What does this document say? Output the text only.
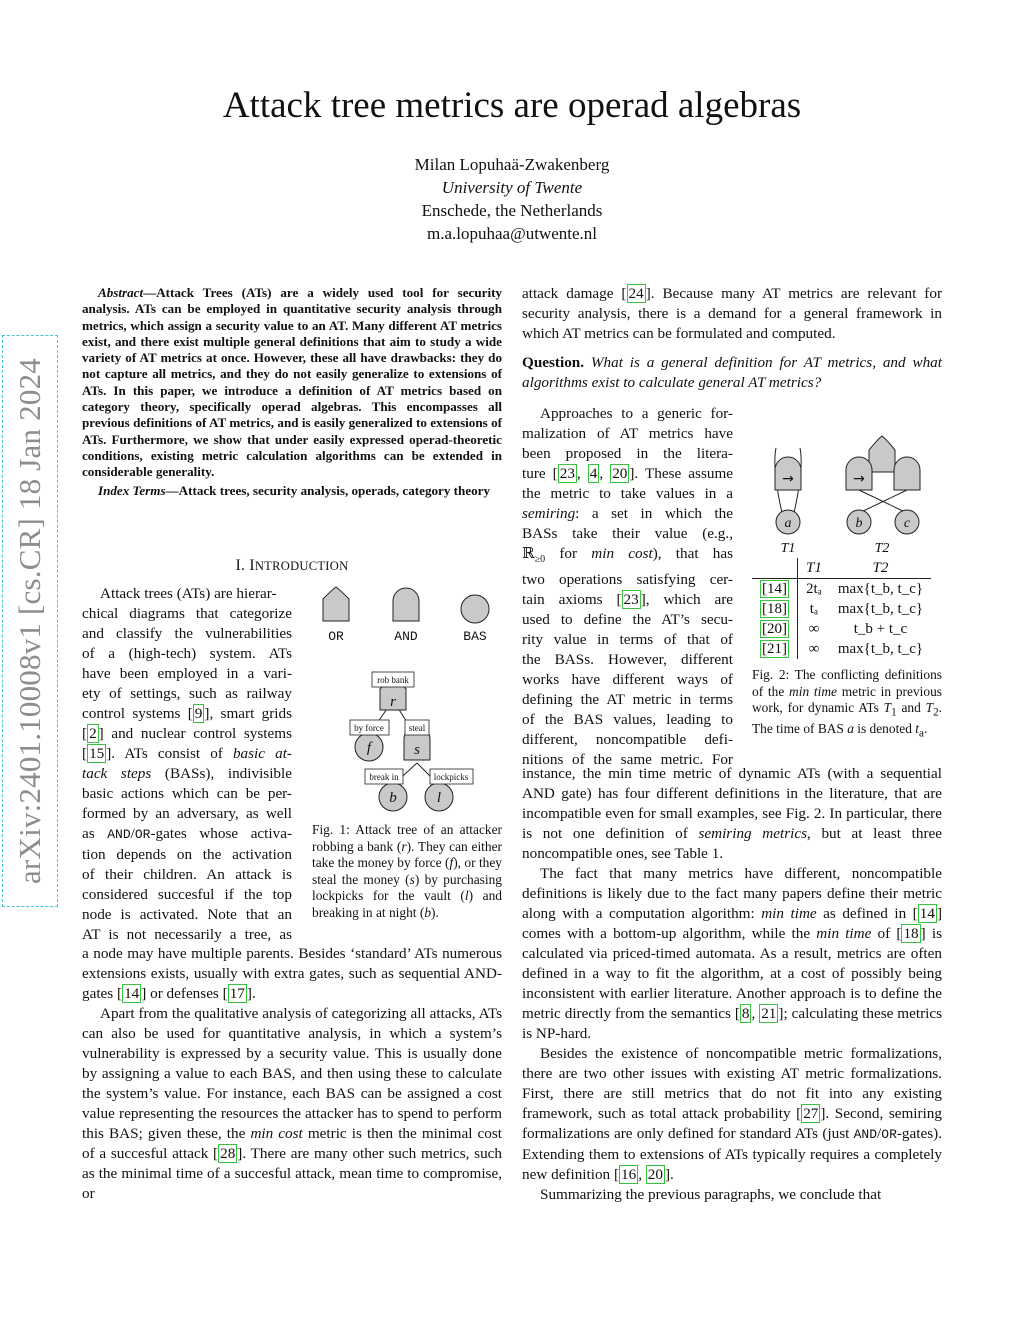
arXiv:2401.10008v1 [cs.CR] 18 Jan 2024
Attack tree metrics are operad algebras
Milan Lopuhaä-Zwakenberg
University of Twente
Enschede, the Netherlands
m.a.lopuhaa@utwente.nl

Abstract—Attack Trees (ATs) are a widely used tool for security analysis. ATs can be employed in quantitative security analysis through metrics, which assign a security value to an AT. Many different AT metrics exist, and there exist multiple general definitions that aim to study a wide variety of AT metrics at once. However, these all have drawbacks: they do not capture all metrics, and they do not easily generalize to extensions of ATs. In this paper, we introduce a definition of AT metrics based on category theory, specifically operad algebras. This encompasses all previous definitions of AT metrics, and is easily generalized to extensions of ATs. Furthermore, we show that under easily expressed operad-theoretic conditions, existing metric calculation algorithms can be extended in considerable generality.

Index Terms—Attack trees, security analysis, operads, category theory

I. INTRODUCTION

Attack trees (ATs) are hierar-

chical diagrams that categorize

and classify the vulnerabilities

of a (high-tech) system. ATs

have been employed in a vari-

ety of settings, such as railway

control systems [ 9 ], smart grids

[ 2 ] and nuclear control systems

[ 15 ]. ATs consist of basic at-

tack steps (BASs), indivisible

basic actions which can be per-

formed by an adversary, as well

as AND/OR-gates whose activa-

tion depends on the activation

of their children. An attack is

considered succesful if the top

node is activated. Note that an

AT is not necessarily a tree, as

a node may have multiple parents. Besides ‘standard’ ATs numerous extensions exists, usually with extra gates, such as sequential AND-gates [ 14 ] or defenses [ 17 ].

Apart from the qualitative analysis of categorizing all attacks, ATs can also be used for quantitative analysis, in which a system’s vulnerability is expressed by a security value. This is usually done by assigning a value to each BAS, and then using these to calculate the system’s value. For instance, each BAS can be assigned a cost value representing the resources the attacker has to spend to perform this BAS; given these, the min cost metric is then the minimal cost of a succesful attack [ 28 ]. There are many other such metrics, such as the minimal time of a succesful attack, mean time to compromise, or

OR	AND	BAS
r
f	s
b	l
rob bank
by force	steal
break in	lockpicks
Fig. 1: Attack tree of an attacker robbing a bank (r). They can either take the money by force (f), or they steal the money (s) by purchasing lockpicks for the vault (l) and breaking in at night (b).

attack damage [ 24 ]. Because many AT metrics are relevant for security analysis, there is a demand for a general framework in which AT metrics can be formulated and computed.

Question. What is a general definition for AT metrics, and what algorithms exist to calculate general AT metrics?

Approaches to a generic for-

malization of AT metrics have

been proposed in the litera-

ture [ 23 , 4 , 20 ]. These assume

the metric to take values in a

semiring: a set in which the

BASs take their value (e.g.,

ℝ$_{\ge 0}$ for min cost), that has

two operations satisfying cer-

tain axioms [ 23 ], which are

used to define the AT’s secu-

rity value in terms of that of

the BASs. However, different

works have different ways of

defining the AT metric in terms

of the BAS values, leading to

different, noncompatible defi-

nitions of the same metric. For

instance, the min time metric of dynamic ATs (with a sequential AND gate) has four different definitions in the literature, that are incompatible even for small examples, see Fig. 2. In particular, there is not one definition of semiring metrics, but at least three noncompatible ones, see Table 1.

The fact that many metrics have different, noncompatible definitions is likely due to the fact many papers define their metric along with a computation algorithm: min time as defined in [ 14 ] comes with a bottom-up algorithm, while the min time of [ 18 ] is calculated via priced-timed automata. As a result, metrics are often defined in a way to fit the algorithm, at a cost of possibly being inconsistent with earlier literature. Another approach is to define the metric directly from the semantics [ 8 , 21 ]; calculating these metrics is NP-hard.

Besides the existence of noncompatible metric formalizations, there are two other issues with existing AT metric formalizations. First, there are still metrics that do not fit into any existing framework, such as total attack probability [ 27 ]. Second, semiring formalizations are only defined for standard ATs (just AND/OR-gates). Extending them to extensions of ATs typically requires a completely new definition [ 16 , 20 ].

Summarizing the previous paragraphs, we conclude that

→	→
a	b	c
T1	T2
	T1	T2
[14]	2tₐ	max{t_b, t_c}
[18]	tₐ	max{t_b, t_c}
[20]	∞	t_b + t_c
[21]	∞	max{t_b, t_c}
Fig. 2: The conflicting definitions of the min time metric in previous work, for dynamic ATs $T_1$ and $T_2$. The time of BAS a is denoted $t_a$.
